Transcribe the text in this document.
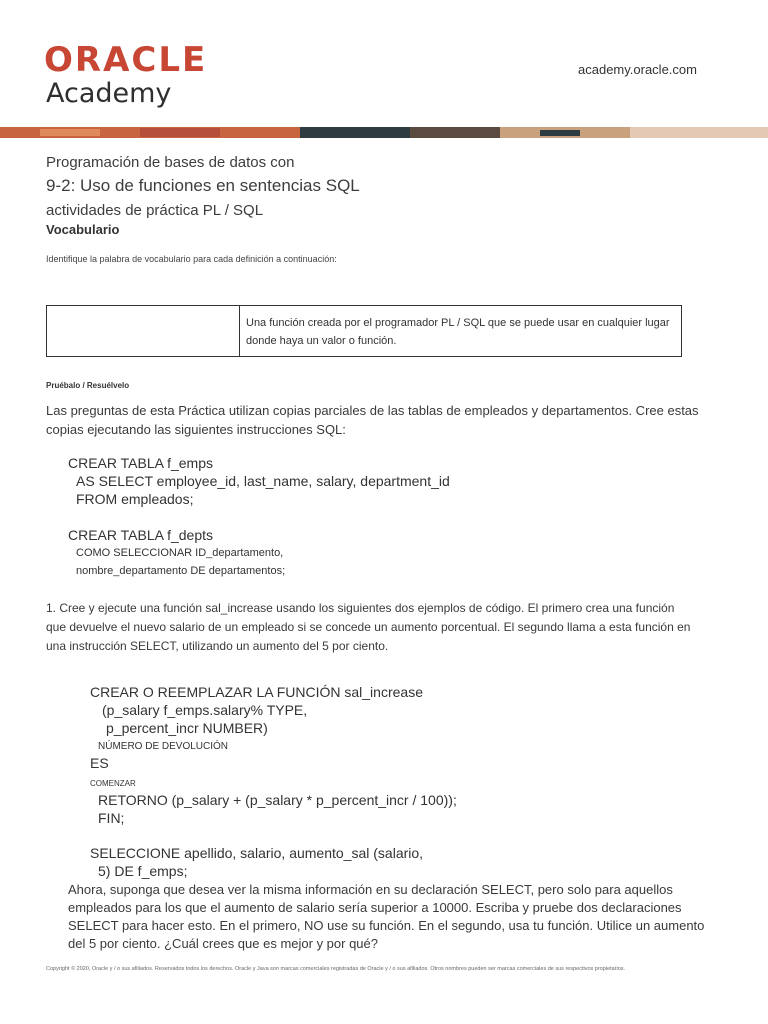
ORACLE
Academy
academy.oracle.com
Programación de bases de datos con
9-2: Uso de funciones en sentencias SQL
actividades de práctica PL / SQL
Vocabulario
Identifique la palabra de vocabulario para cada definición a continuación:
Una función creada por el programador PL / SQL que se puede usar en cualquier lugar donde haya un valor o función.
Pruébalo / Resuélvelo
Las preguntas de esta Práctica utilizan copias parciales de las tablas de empleados y departamentos. Cree estas copias ejecutando las siguientes instrucciones SQL:
CREAR TABLA f_emps
AS SELECT employee_id, last_name, salary, department_id
FROM empleados;
CREAR TABLA f_depts
COMO SELECCIONAR ID_departamento,
nombre_departamento DE departamentos;
1. Cree y ejecute una función sal_increase usando los siguientes dos ejemplos de código. El primero crea una función que devuelve el nuevo salario de un empleado si se concede un aumento porcentual. El segundo llama a esta función en una instrucción SELECT, utilizando un aumento del 5 por ciento.
CREAR O REEMPLAZAR LA FUNCIÓN sal_increase
(p_salary f_emps.salary% TYPE,
p_percent_incr NUMBER)
NÚMERO DE DEVOLUCIÓN
ES
COMENZAR
RETORNO (p_salary + (p_salary * p_percent_incr / 100));
FIN;
SELECCIONE apellido, salario, aumento_sal (salario,
5) DE f_emps;
Ahora, suponga que desea ver la misma información en su declaración SELECT, pero solo para aquellos empleados para los que el aumento de salario sería superior a 10000. Escriba y pruebe dos declaraciones SELECT para hacer esto. En el primero, NO use su función. En el segundo, usa tu función. Utilice un aumento del 5 por ciento. ¿Cuál crees que es mejor y por qué?
Copyright © 2020, Oracle y / o sus afiliados. Reservados todos los derechos. Oracle y Java son marcas comerciales registradas de Oracle y / o sus afiliados. Otros nombres pueden ser marcas comerciales de sus respectivos propietarios.
